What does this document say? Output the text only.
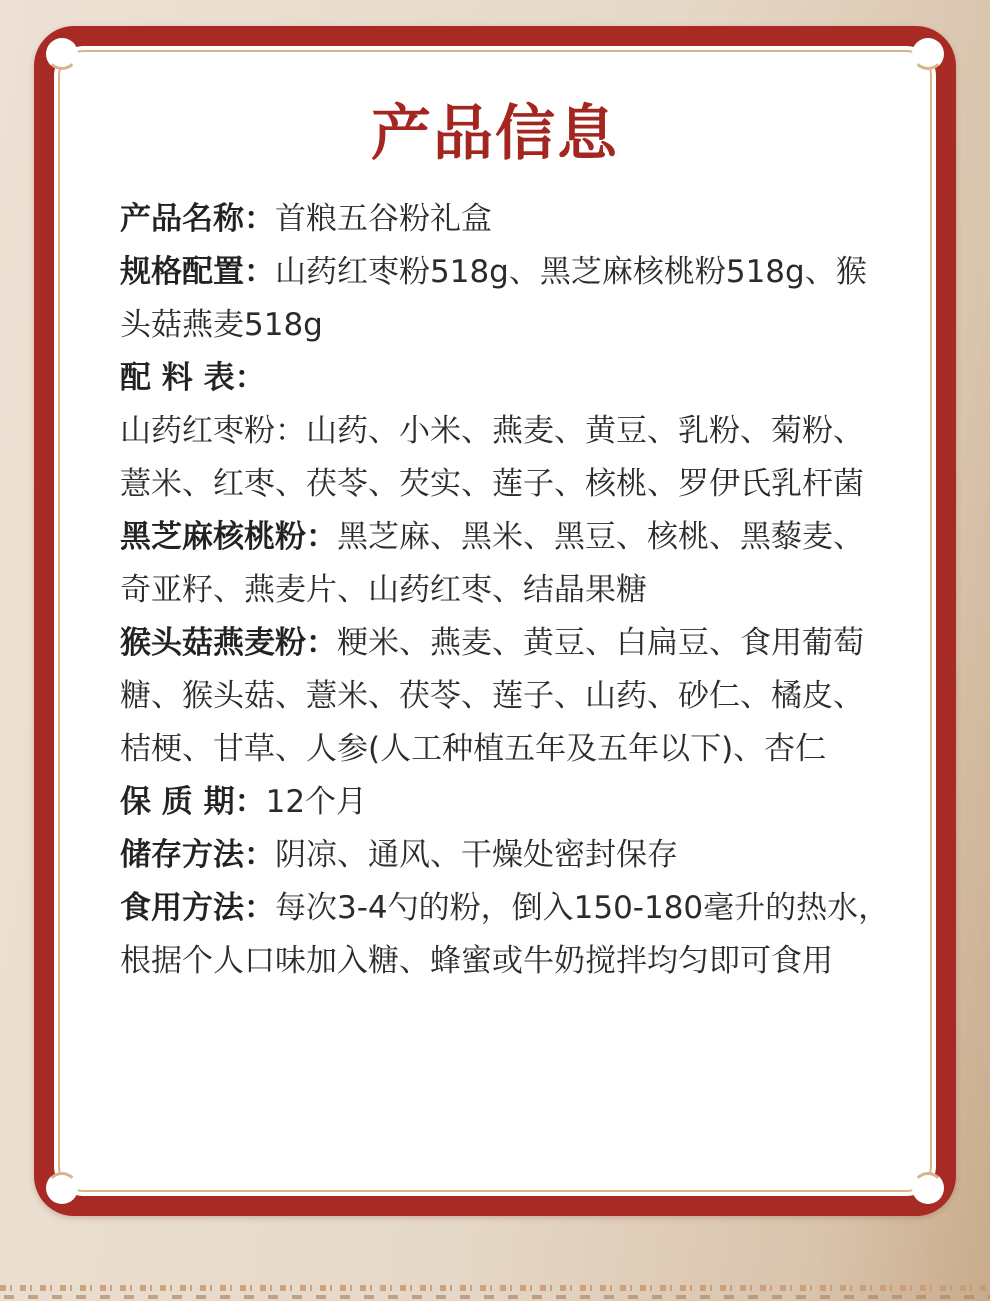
产品信息

产品名称：首粮五谷粉礼盒

规格配置：山药红枣粉518g、黑芝麻核桃粉518g、猴头菇燕麦518g

配 料 表：

山药红枣粉：山药、小米、燕麦、黄豆、乳粉、菊粉、薏米、红枣、茯苓、芡实、莲子、核桃、罗伊氏乳杆菌

黑芝麻核桃粉：黑芝麻、黑米、黑豆、核桃、黑藜麦、奇亚籽、燕麦片、山药红枣、结晶果糖

猴头菇燕麦粉：粳米、燕麦、黄豆、白扁豆、食用葡萄糖、猴头菇、薏米、茯苓、莲子、山药、砂仁、橘皮、桔梗、甘草、人参(人工种植五年及五年以下)、杏仁

保 质 期：12个月

储存方法：阴凉、通风、干燥处密封保存

食用方法：每次3-4勺的粉，倒入150-180毫升的热水，根据个人口味加入糖、蜂蜜或牛奶搅拌均匀即可食用
